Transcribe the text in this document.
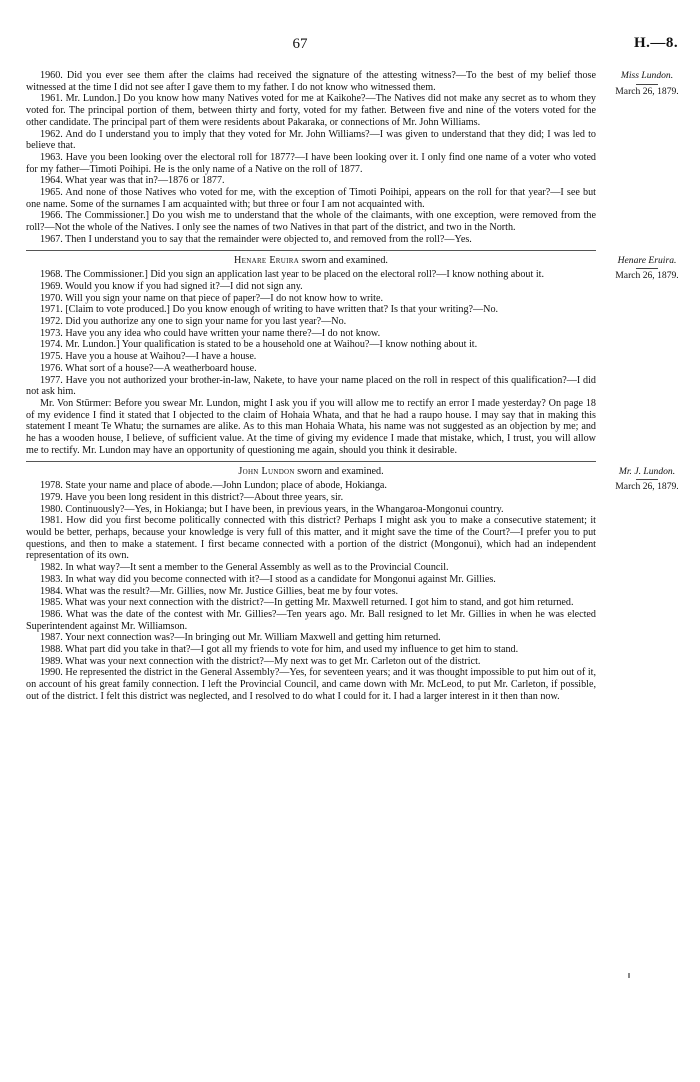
67	H.—8.

1960. Did you ever see them after the claims had received the signature of the attesting witness?—To the best of my belief those witnessed at the time I did not see after I gave them to my father. I do not know who witnessed them.

1961. Mr. Lundon.] Do you know how many Natives voted for me at Kaikohe?—The Natives did not make any secret as to whom they voted for. The principal portion of them, between thirty and forty, voted for my father. Between five and nine of the voters voted for the other candidate. The principal part of them were residents about Pakaraka, or connections of Mr. John Williams.

1962. And do I understand you to imply that they voted for Mr. John Williams?—I was given to understand that they did; I was led to believe that.

1963. Have you been looking over the electoral roll for 1877?—I have been looking over it. I only find one name of a voter who voted for my father—Timoti Poihipi. He is the only name of a Native on the roll of 1877.

1964. What year was that in?—1876 or 1877.

1965. And none of those Natives who voted for me, with the exception of Timoti Poihipi, appears on the roll for that year?—I see but one name. Some of the surnames I am acquainted with; but three or four I am not acquainted with.

1966. The Commissioner.] Do you wish me to understand that the whole of the claimants, with one exception, were removed from the roll?—Not the whole of the Natives. I only see the names of two Natives in that part of the district, and two in the North.

1967. Then I understand you to say that the remainder were objected to, and removed from the roll?—Yes.

Henare Eruira sworn and examined.

1968. The Commissioner.] Did you sign an application last year to be placed on the electoral roll?—I know nothing about it.

1969. Would you know if you had signed it?—I did not sign any.

1970. Will you sign your name on that piece of paper?—I do not know how to write.

1971. [Claim to vote produced.] Do you know enough of writing to have written that? Is that your writing?—No.

1972. Did you authorize any one to sign your name for you last year?—No.

1973. Have you any idea who could have written your name there?—I do not know.

1974. Mr. Lundon.] Your qualification is stated to be a household one at Waihou?—I know nothing about it.

1975. Have you a house at Waihou?—I have a house.

1976. What sort of a house?—A weatherboard house.

1977. Have you not authorized your brother-in-law, Nakete, to have your name placed on the roll in respect of this qualification?—I did not ask him.

Mr. Von Stürmer: Before you swear Mr. Lundon, might I ask you if you will allow me to rectify an error I made yesterday? On page 18 of my evidence I find it stated that I objected to the claim of Hohaia Whata, and that he had a raupo house. I may say that in making this statement I meant Te Whatu; the surnames are alike. As to this man Hohaia Whata, his name was not suggested as an objection by me; and he has a wooden house, I believe, of sufficient value. At the time of giving my evidence I made that mistake, which, I trust, you will allow me to rectify. Mr. Lundon may have an opportunity of questioning me again, should you think it desirable.

John Lundon sworn and examined.

1978. State your name and place of abode.—John Lundon; place of abode, Hokianga.

1979. Have you been long resident in this district?—About three years, sir.

1980. Continuously?—Yes, in Hokianga; but I have been, in previous years, in the Whangaroa-Mongonui country.

1981. How did you first become politically connected with this district? Perhaps I might ask you to make a consecutive statement; it would be better, perhaps, because your knowledge is very full of this matter, and it might save the time of the Court?—I prefer you to put questions, and then to make a statement. I first became connected with a portion of the district (Mongonui), which had an independent representation of its own.

1982. In what way?—It sent a member to the General Assembly as well as to the Provincial Council.

1983. In what way did you become connected with it?—I stood as a candidate for Mongonui against Mr. Gillies.

1984. What was the result?—Mr. Gillies, now Mr. Justice Gillies, beat me by four votes.

1985. What was your next connection with the district?—In getting Mr. Maxwell returned. I got him to stand, and got him returned.

1986. What was the date of the contest with Mr. Gillies?—Ten years ago. Mr. Ball resigned to let Mr. Gillies in when he was elected Superintendent against Mr. Williamson.

1987. Your next connection was?—In bringing out Mr. William Maxwell and getting him returned.

1988. What part did you take in that?—I got all my friends to vote for him, and used my influence to get him to stand.

1989. What was your next connection with the district?—My next was to get Mr. Carleton out of the district.

1990. He represented the district in the General Assembly?—Yes, for seventeen years; and it was thought impossible to put him out of it, on account of his great family connection. I left the Provincial Council, and came down with Mr. McLeod, to put Mr. Carleton, if possible, out of the district. I felt this district was neglected, and I resolved to do what I could for it. I had a larger interest in it then than now.

Miss Lundon.
March 26, 1879.
Henare Eruira.
March 26, 1879.
Mr. J. Lundon.
March 26, 1879.
